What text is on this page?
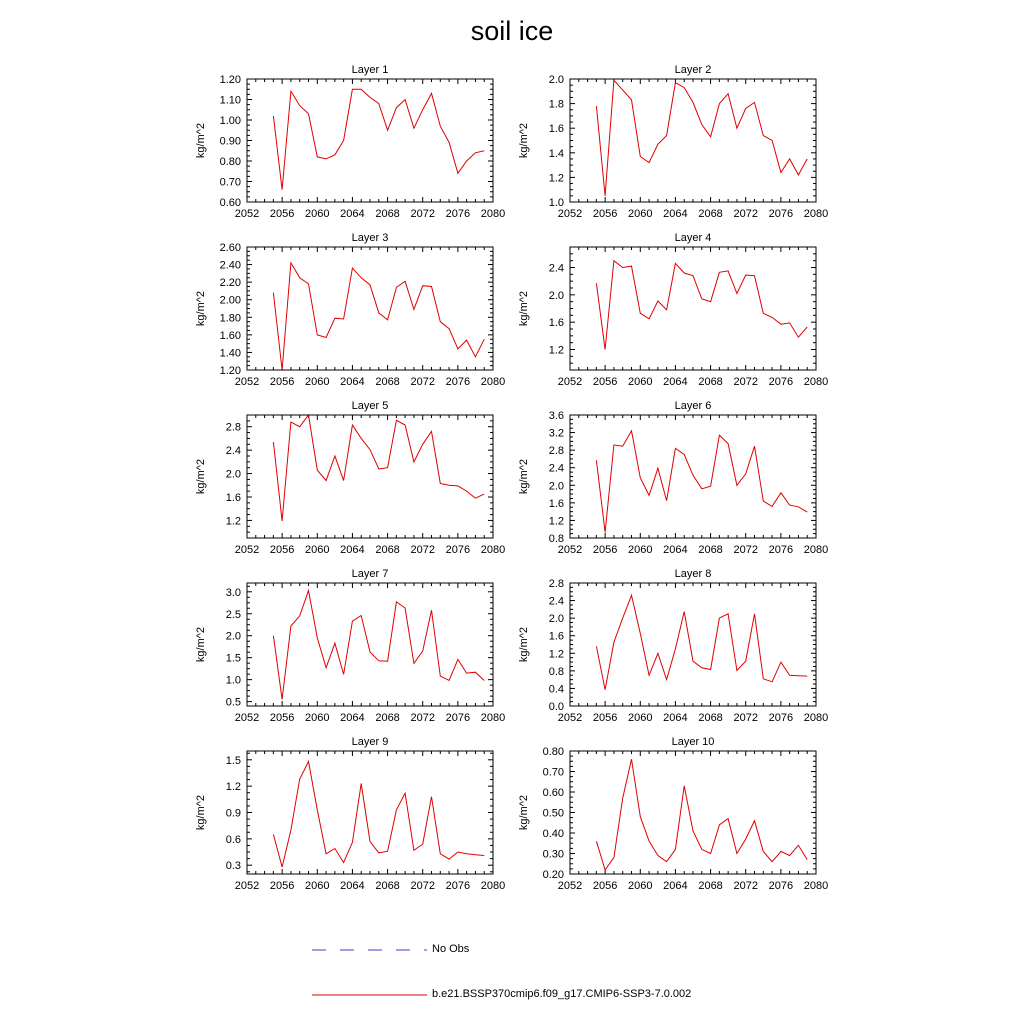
soil ice
Layer 1
kg/m^2
2052 2056 2060 2064 2068 2072 2076 2080
0.60
0.70
0.80
0.90
1.00
1.10
1.20
Layer 2
kg/m^2
2052 2056 2060 2064 2068 2072 2076 2080
1.0
1.2
1.4
1.6
1.8
2.0
Layer 3
kg/m^2
2052 2056 2060 2064 2068 2072 2076 2080
1.20
1.40
1.60
1.80
2.00
2.20
2.40
2.60
Layer 4
kg/m^2
2052 2056 2060 2064 2068 2072 2076 2080
1.2
1.6
2.0
2.4
Layer 5
kg/m^2
2052 2056 2060 2064 2068 2072 2076 2080
1.2
1.6
2.0
2.4
2.8
Layer 6
kg/m^2
2052 2056 2060 2064 2068 2072 2076 2080
0.8
1.2
1.6
2.0
2.4
2.8
3.2
3.6
Layer 7
kg/m^2
2052 2056 2060 2064 2068 2072 2076 2080
0.5
1.0
1.5
2.0
2.5
3.0
Layer 8
kg/m^2
2052 2056 2060 2064 2068 2072 2076 2080
0.0
0.4
0.8
1.2
1.6
2.0
2.4
2.8
Layer 9
kg/m^2
2052 2056 2060 2064 2068 2072 2076 2080
0.3
0.6
0.9
1.2
1.5
Layer 10
kg/m^2
2052 2056 2060 2064 2068 2072 2076 2080
0.20
0.30
0.40
0.50
0.60
0.70
0.80
No Obs
b.e21.BSSP370cmip6.f09_g17.CMIP6-SSP3-7.0.002
